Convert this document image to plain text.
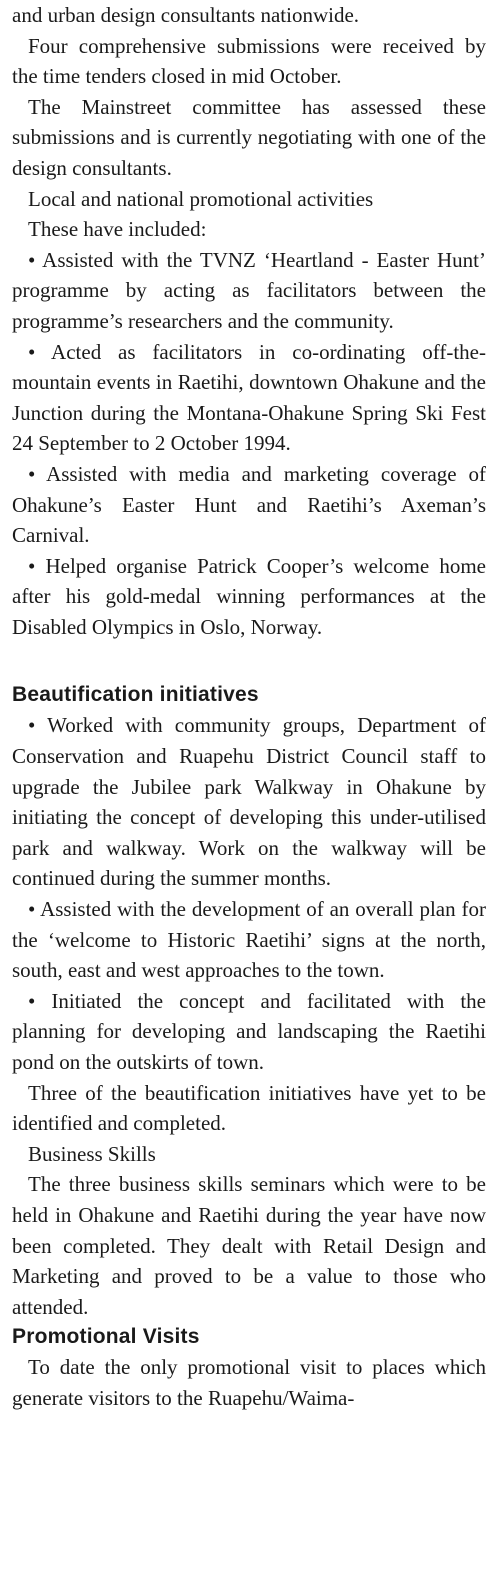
and urban design consultants nationwide.

Four comprehensive submissions were received by the time tenders closed in mid October.

The Mainstreet committee has assessed these submissions and is currently negotiating with one of the design consultants.

Local and national promotional activities

These have included:

• Assisted with the TVNZ ‘Heartland - Easter Hunt’ programme by acting as facilitators between the programme’s researchers and the community.

• Acted as facilitators in co-ordinating off-the-mountain events in Raetihi, downtown Ohakune and the Junction during the Montana-Ohakune Spring Ski Fest 24 September to 2 October 1994.

• Assisted with media and marketing coverage of Ohakune’s Easter Hunt and Raetihi’s Axeman’s Carnival.

• Helped organise Patrick Cooper’s welcome home after his gold-medal winning performances at the Disabled Olympics in Oslo, Norway.

Beautification initiatives

• Worked with community groups, Department of Conservation and Ruapehu District Council staff to upgrade the Jubilee park Walkway in Ohakune by initiating the concept of developing this under-utilised park and walkway. Work on the walkway will be continued during the summer months.

• Assisted with the development of an overall plan for the ‘welcome to Historic Raetihi’ signs at the north, south, east and west approaches to the town.

• Initiated the concept and facilitated with the planning for developing and landscaping the Raetihi pond on the outskirts of town.

Three of the beautification initiatives have yet to be identified and completed.

Business Skills

The three business skills seminars which were to be held in Ohakune and Raetihi during the year have now been completed. They dealt with Retail Design and Marketing and proved to be a value to those who attended.

Promotional Visits

To date the only promotional visit to places which generate visitors to the Ruapehu/Waima-
